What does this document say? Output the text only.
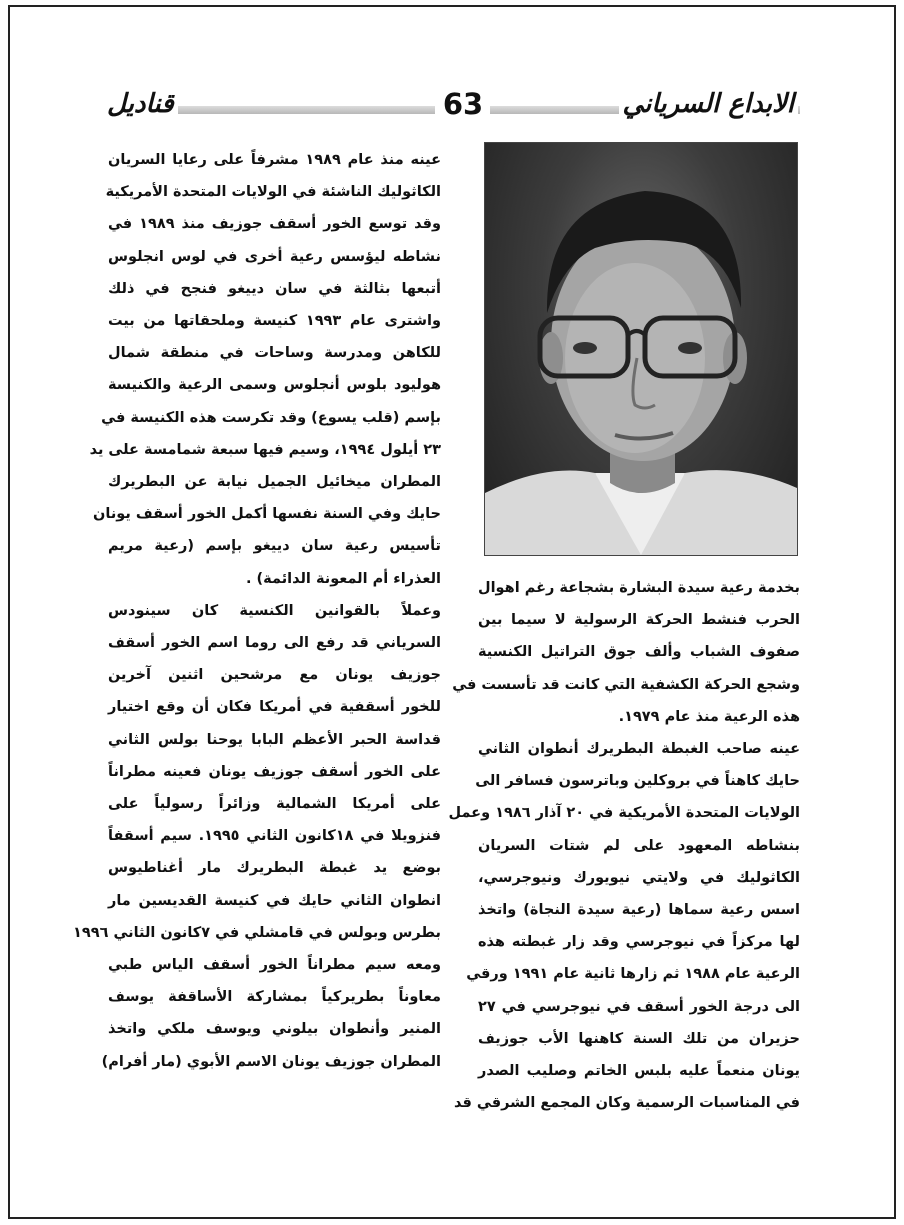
قناديل	63	الابداع السرياني

عينه منذ عام ١٩٨٩ مشرفاً على رعايا السريان

الكاثوليك الناشئة في الولايات المتحدة الأمريكية

وقد توسع الخور أسقف جوزيف منذ ١٩٨٩ في

نشاطه ليؤسس رعية أخرى في لوس انجلوس

أتبعها بثالثة في سان دييغو فنجح في ذلك

واشترى عام ١٩٩٣ كنيسة وملحقاتها من بيت

للكاهن ومدرسة وساحات في منطقة شمال

هوليود بلوس أنجلوس وسمى الرعية والكنيسة

بإسم (قلب يسوع) وقد تكرست هذه الكنيسة في

٢٣ أيلول ١٩٩٤، وسيم فيها سبعة شمامسة على يد

المطران ميخائيل الجميل نيابة عن البطريرك

حايك وفي السنة نفسها أكمل الخور أسقف يونان

تأسيس رعية سان دييغو بإسم (رعية مريم

العذراء أم المعونة الدائمة) .

وعملاً بالقوانين الكنسية كان سينودس

السرياني قد رفع الى روما اسم الخور أسقف

جوزيف يونان مع مرشحين اثنين آخرين

للخور أسقفية في أمريكا فكان أن وقع اختيار

قداسة الحبر الأعظم البابا يوحنا بولس الثاني

على الخور أسقف جوزيف يونان فعينه مطراناً

على أمريكا الشمالية وزائراً رسولياً على

فنزويلا في ١٨كانون الثاني ١٩٩٥. سيم أسقفاً

بوضع يد غبطة البطريرك مار أغناطيوس

انطوان الثاني حايك في كنيسة القديسين مار

بطرس وبولس في قامشلي في ٧كانون الثاني ١٩٩٦

ومعه سيم مطراناً الخور أسقف الياس طبي

معاوناً بطريركياً بمشاركة الأساقفة يوسف

المنير وأنطوان بيلوني ويوسف ملكي واتخذ

المطران جوزيف يونان الاسم الأبوي (مار أفرام)

بخدمة رعية سيدة البشارة بشجاعة رغم اهوال

الحرب فنشط الحركة الرسولية لا سيما بين

صفوف الشباب وألف جوق التراتيل الكنسية

وشجع الحركة الكشفية التي كانت قد تأسست في

هذه الرعية منذ عام ١٩٧٩.

عينه صاحب الغبطة البطريرك أنطوان الثاني

حايك كاهناً في بروكلين وباترسون فسافر الى

الولايات المتحدة الأمريكية في ٢٠ آذار ١٩٨٦ وعمل

بنشاطه المعهود على لم شتات السريان

الكاثوليك في ولايتي نيويورك ونيوجرسي،

اسس رعية سماها (رعية سيدة النجاة) واتخذ

لها مركزاً في نيوجرسي وقد زار غبطته هذه

الرعية عام ١٩٨٨ ثم زارها ثانية عام ١٩٩١ ورقي

الى درجة الخور أسقف في نيوجرسي في ٢٧

حزيران من تلك السنة كاهنها الأب جوزيف

يونان منعماً عليه بلبس الخاتم وصليب الصدر

في المناسبات الرسمية وكان المجمع الشرقي قد
